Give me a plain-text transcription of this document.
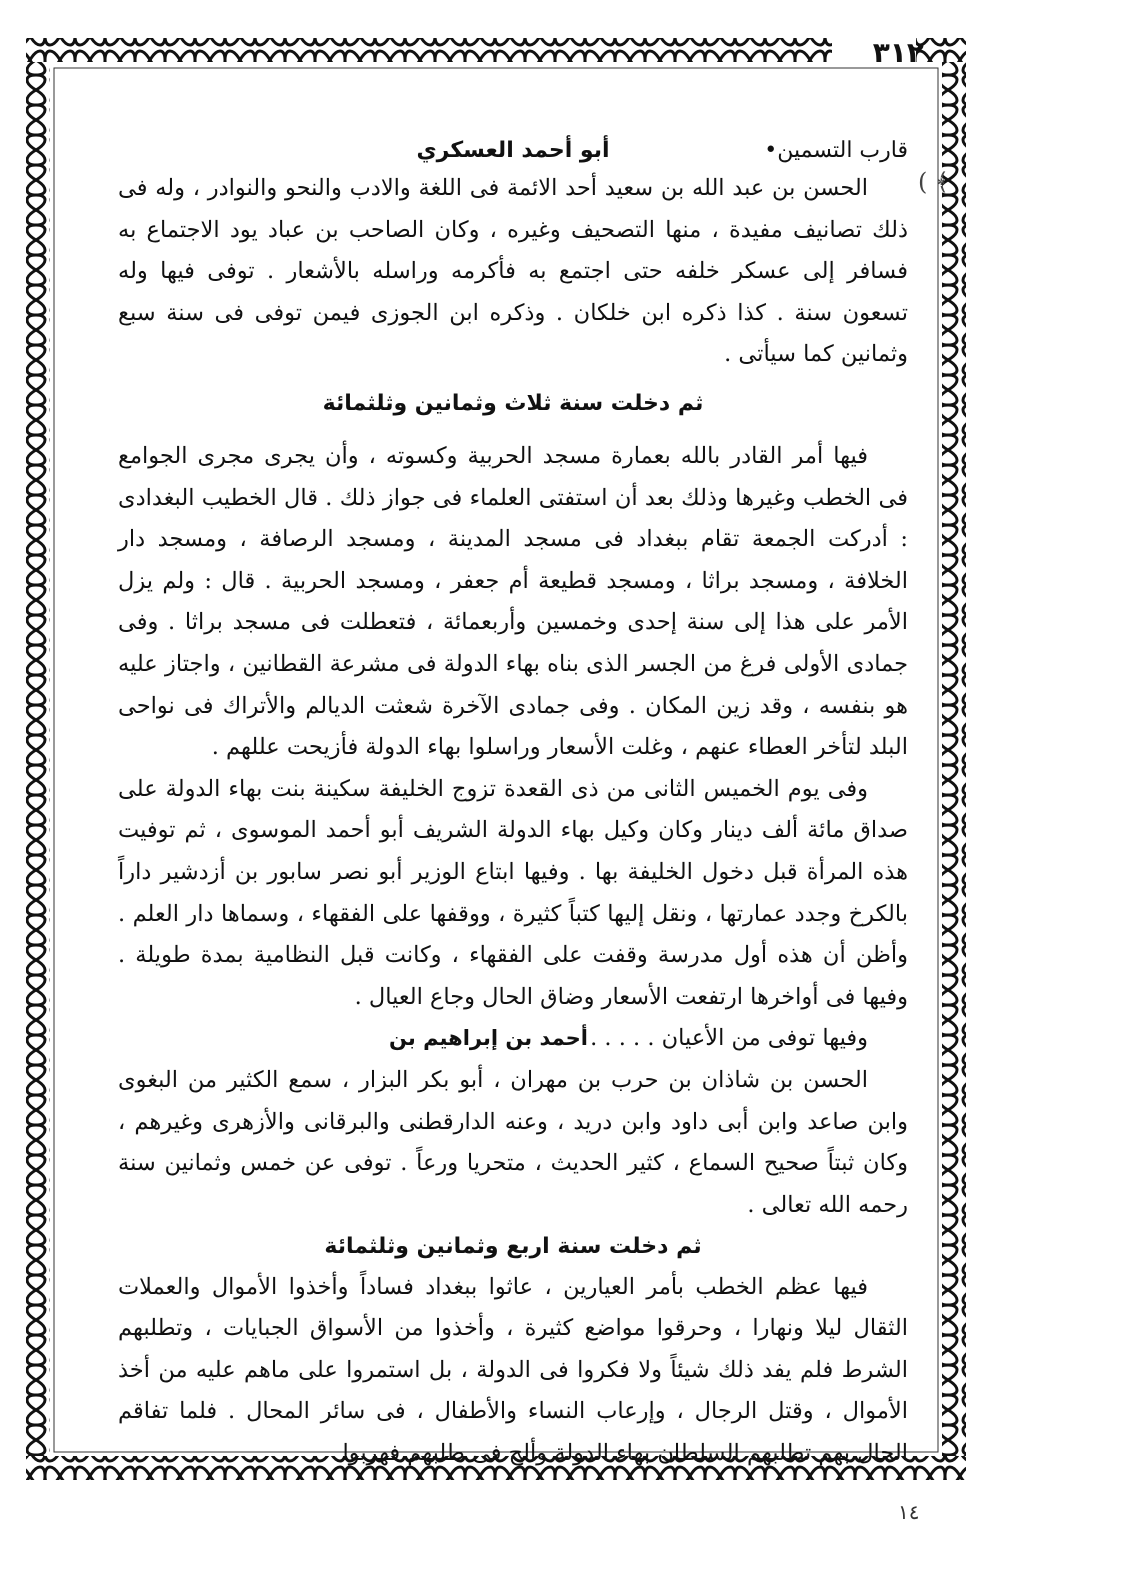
٣١٢
( ﴾
قارب التسمين•
أبو أحمد العسكري

الحسن بن عبد الله بن سعيد أحد الائمة فى اللغة والادب والنحو والنوادر ، وله فى ذلك تصانيف مفيدة ، منها التصحيف وغيره ، وكان الصاحب بن عباد يود الاجتماع به فسافر إلى عسكر خلفه حتى اجتمع به فأكرمه وراسله بالأشعار . توفى فيها وله تسعون سنة . كذا ذكره ابن خلكان . وذكره ابن الجوزى فيمن توفى فى سنة سبع وثمانين كما سيأتى .

ثم دخلت سنة ثلاث وثمانين وثلثمائة

فيها أمر القادر بالله بعمارة مسجد الحربية وكسوته ، وأن يجرى مجرى الجوامع فى الخطب وغيرها وذلك بعد أن استفتى العلماء فى جواز ذلك . قال الخطيب البغدادى : أدركت الجمعة تقام ببغداد فى مسجد المدينة ، ومسجد الرصافة ، ومسجد دار الخلافة ، ومسجد براثا ، ومسجد قطيعة أم جعفر ، ومسجد الحربية . قال : ولم يزل الأمر على هذا إلى سنة إحدى وخمسين وأربعمائة ، فتعطلت فى مسجد براثا . وفى جمادى الأولى فرغ من الجسر الذى بناه بهاء الدولة فى مشرعة القطانين ، واجتاز عليه هو بنفسه ، وقد زين المكان . وفى جمادى الآخرة شعثت الديالم والأتراك فى نواحى البلد لتأخر العطاء عنهم ، وغلت الأسعار وراسلوا بهاء الدولة فأزيحت عللهم .

وفى يوم الخميس الثانى من ذى القعدة تزوج الخليفة سكينة بنت بهاء الدولة على صداق مائة ألف دينار وكان وكيل بهاء الدولة الشريف أبو أحمد الموسوى ، ثم توفيت هذه المرأة قبل دخول الخليفة بها . وفيها ابتاع الوزير أبو نصر سابور بن أزدشير داراً بالكرخ وجدد عمارتها ، ونقل إليها كتباً كثيرة ، ووقفها على الفقهاء ، وسماها دار العلم . وأظن أن هذه أول مدرسة وقفت على الفقهاء ، وكانت قبل النظامية بمدة طويلة . وفيها فى أواخرها ارتفعت الأسعار وضاق الحال وجاع العيال .

وفيها توفى من الأعيان . . . . .
أحمد بن إبراهيم بن

الحسن بن شاذان بن حرب بن مهران ، أبو بكر البزار ، سمع الكثير من البغوى وابن صاعد وابن أبى داود وابن دريد ، وعنه الدارقطنى والبرقانى والأزهرى وغيرهم ، وكان ثبتاً صحيح السماع ، كثير الحديث ، متحريا ورعاً . توفى عن خمس وثمانين سنة رحمه الله تعالى .

ثم دخلت سنة اربع وثمانين وثلثمائة

فيها عظم الخطب بأمر العيارين ، عاثوا ببغداد فساداً وأخذوا الأموال والعملات الثقال ليلا ونهارا ، وحرقوا مواضع كثيرة ، وأخذوا من الأسواق الجبايات ، وتطلبهم الشرط فلم يفد ذلك شيئاً ولا فكروا فى الدولة ، بل استمروا على ماهم عليه من أخذ الأموال ، وقتل الرجال ، وإرعاب النساء والأطفال ، فى سائر المحال . فلما تفاقم الحال بهم تطلبهم السلطان بهاء الدولة وألح فى طلبهم فهربوا

١٤
